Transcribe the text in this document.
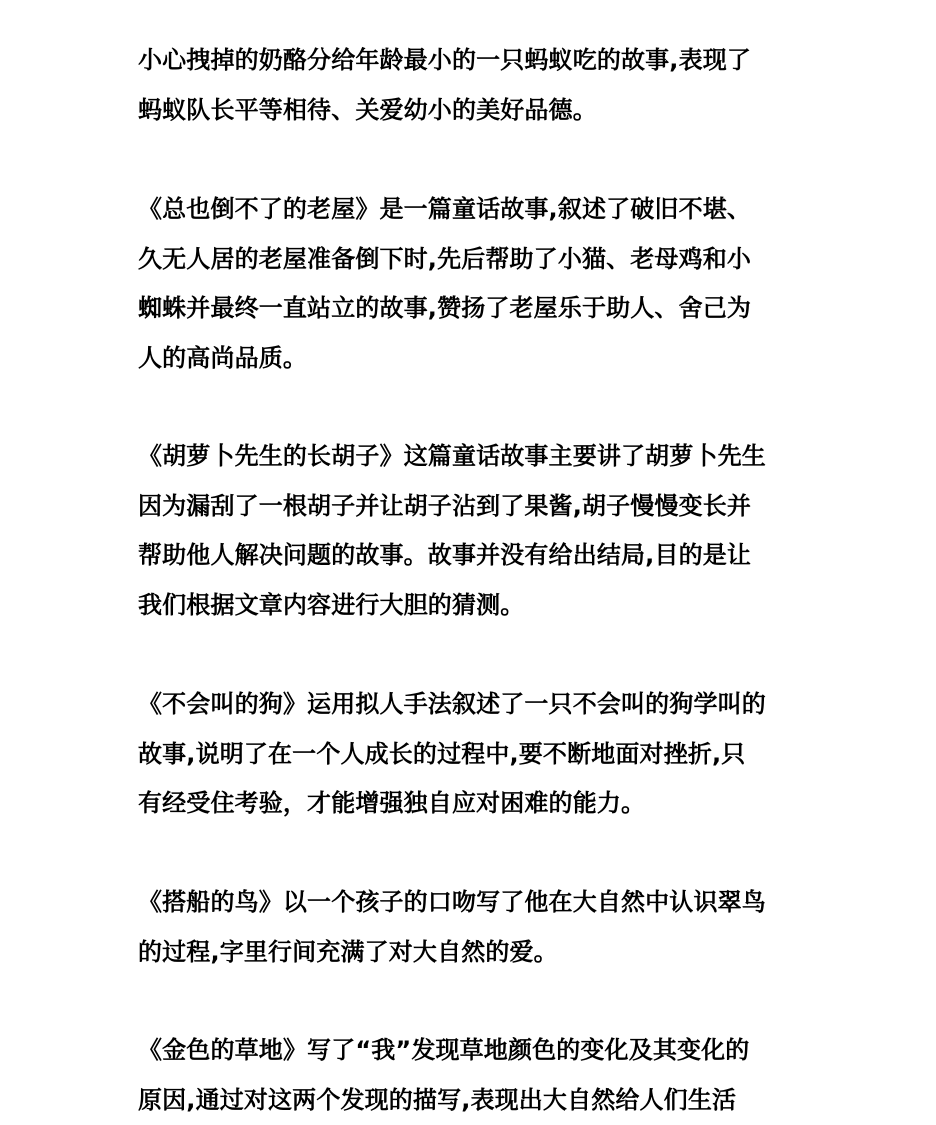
小心拽掉的奶酪分给年龄最小的一只蚂蚁吃的故事,表现了
蚂蚁队长平等相待、关爱幼小的美好品德。
《总也倒不了的老屋》是一篇童话故事,叙述了破旧不堪、
久无人居的老屋准备倒下时,先后帮助了小猫、老母鸡和小
蜘蛛并最终一直站立的故事,赞扬了老屋乐于助人、舍己为
人的高尚品质。
《胡萝卜先生的长胡子》这篇童话故事主要讲了胡萝卜先生
因为漏刮了一根胡子并让胡子沾到了果酱,胡子慢慢变长并
帮助他人解决问题的故事。故事并没有给出结局,目的是让
我们根据文章内容进行大胆的猜测。
《不会叫的狗》运用拟人手法叙述了一只不会叫的狗学叫的
故事,说明了在一个人成长的过程中,要不断地面对挫折,只
有经受住考验，才能增强独自应对困难的能力。
《搭船的鸟》以一个孩子的口吻写了他在大自然中认识翠鸟
的过程,字里行间充满了对大自然的爱。
《金色的草地》写了“我”发现草地颜色的变化及其变化的
原因,通过对这两个发现的描写,表现出大自然给人们生活
